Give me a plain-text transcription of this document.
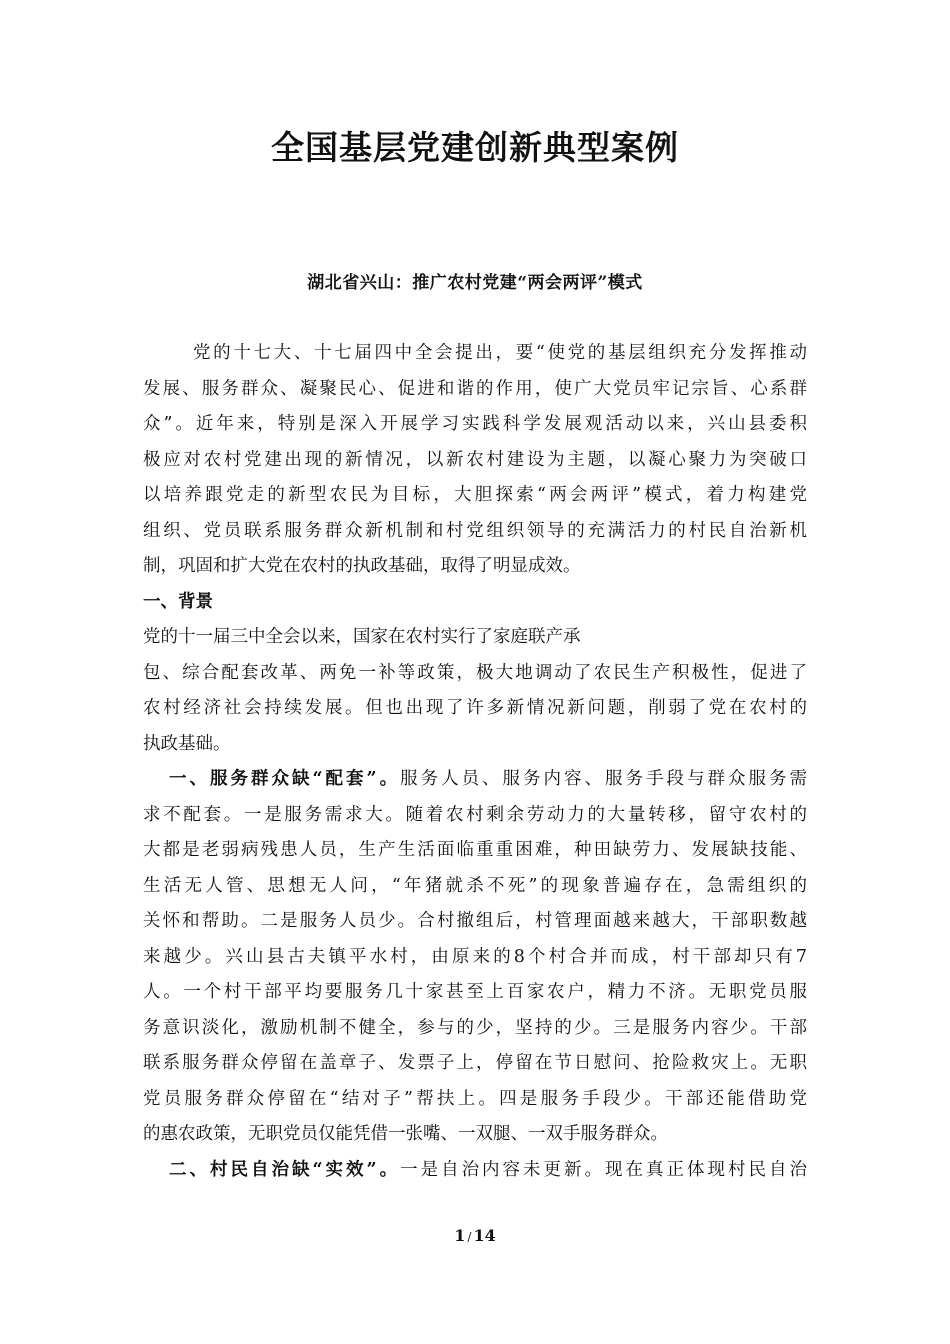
全国基层党建创新典型案例
湖北省兴山：推广农村党建“两会两评”模式
党的十七大、十七届四中全会提出，要“使党的基层组织充分发挥推动
发展、服务群众、凝聚民心、促进和谐的作用，使广大党员牢记宗旨、心系群
众”。近年来，特别是深入开展学习实践科学发展观活动以来，兴山县委积
极应对农村党建出现的新情况，以新农村建设为主题，以凝心聚力为突破口
以培养跟党走的新型农民为目标，大胆探索“两会两评”模式，着力构建党
组织、党员联系服务群众新机制和村党组织领导的充满活力的村民自治新机
制，巩固和扩大党在农村的执政基础，取得了明显成效。
一、背景
党的十一届三中全会以来，国家在农村实行了家庭联产承
包、综合配套改革、两免一补等政策，极大地调动了农民生产积极性，促进了
农村经济社会持续发展。但也出现了许多新情况新问题，削弱了党在农村的
执政基础。
一、服务群众缺“配套”。服务人员、服务内容、服务手段与群众服务需
求不配套。一是服务需求大。随着农村剩余劳动力的大量转移，留守农村的
大都是老弱病残患人员，生产生活面临重重困难，种田缺劳力、发展缺技能、
生活无人管、思想无人问，“年猪就杀不死”的现象普遍存在，急需组织的
关怀和帮助。二是服务人员少。合村撤组后，村管理面越来越大，干部职数越
来越少。兴山县古夫镇平水村，由原来的8个村合并而成，村干部却只有7
人。一个村干部平均要服务几十家甚至上百家农户，精力不济。无职党员服
务意识淡化，激励机制不健全，参与的少，坚持的少。三是服务内容少。干部
联系服务群众停留在盖章子、发票子上，停留在节日慰问、抢险救灾上。无职
党员服务群众停留在“结对子”帮扶上。四是服务手段少。干部还能借助党
的惠农政策，无职党员仅能凭借一张嘴、一双腿、一双手服务群众。
二、村民自治缺“实效”。一是自治内容未更新。现在真正体现村民自治
1 / 14
